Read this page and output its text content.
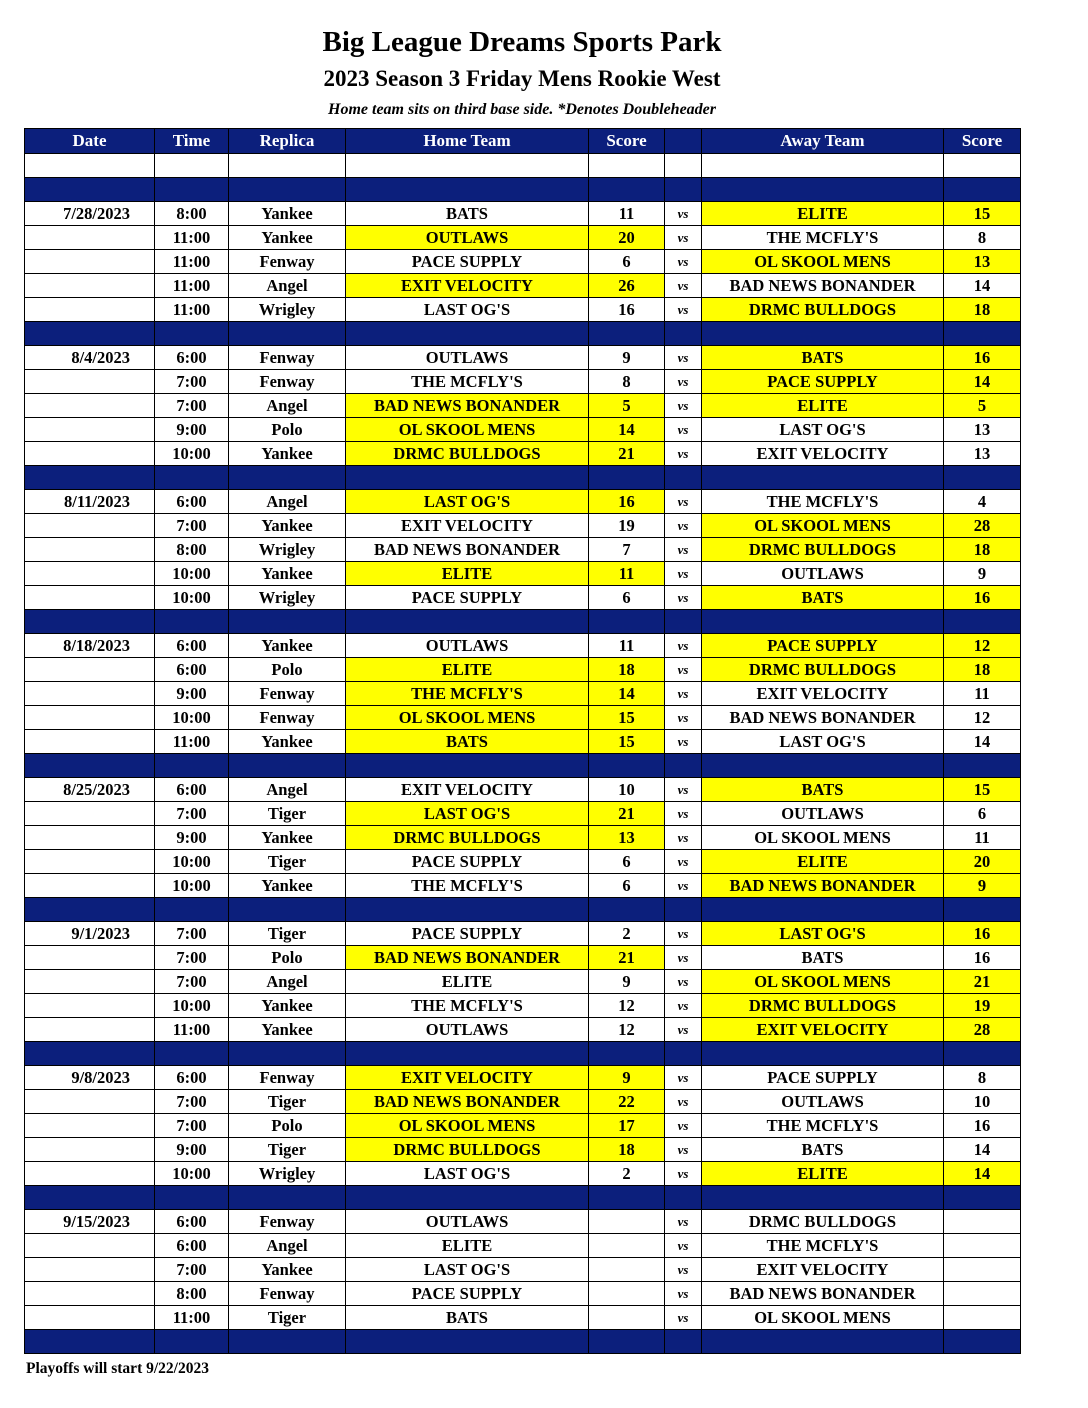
Big League Dreams Sports Park
2023 Season 3 Friday Mens Rookie West
Home team sits on third base side. *Denotes Doubleheader
Date	Time	Replica	Home Team	Score		Away Team	Score

7/28/2023	8:00	Yankee	BATS	11	vs	ELITE	15
	11:00	Yankee	OUTLAWS	20	vs	THE MCFLY'S	8
	11:00	Fenway	PACE SUPPLY	6	vs	OL SKOOL MENS	13
	11:00	Angel	EXIT VELOCITY	26	vs	BAD NEWS BONANDER	14
	11:00	Wrigley	LAST OG'S	16	vs	DRMC BULLDOGS	18

8/4/2023	6:00	Fenway	OUTLAWS	9	vs	BATS	16
	7:00	Fenway	THE MCFLY'S	8	vs	PACE SUPPLY	14
	7:00	Angel	BAD NEWS BONANDER	5	vs	ELITE	5
	9:00	Polo	OL SKOOL MENS	14	vs	LAST OG'S	13
	10:00	Yankee	DRMC BULLDOGS	21	vs	EXIT VELOCITY	13

8/11/2023	6:00	Angel	LAST OG'S	16	vs	THE MCFLY'S	4
	7:00	Yankee	EXIT VELOCITY	19	vs	OL SKOOL MENS	28
	8:00	Wrigley	BAD NEWS BONANDER	7	vs	DRMC BULLDOGS	18
	10:00	Yankee	ELITE	11	vs	OUTLAWS	9
	10:00	Wrigley	PACE SUPPLY	6	vs	BATS	16

8/18/2023	6:00	Yankee	OUTLAWS	11	vs	PACE SUPPLY	12
	6:00	Polo	ELITE	18	vs	DRMC BULLDOGS	18
	9:00	Fenway	THE MCFLY'S	14	vs	EXIT VELOCITY	11
	10:00	Fenway	OL SKOOL MENS	15	vs	BAD NEWS BONANDER	12
	11:00	Yankee	BATS	15	vs	LAST OG'S	14

8/25/2023	6:00	Angel	EXIT VELOCITY	10	vs	BATS	15
	7:00	Tiger	LAST OG'S	21	vs	OUTLAWS	6
	9:00	Yankee	DRMC BULLDOGS	13	vs	OL SKOOL MENS	11
	10:00	Tiger	PACE SUPPLY	6	vs	ELITE	20
	10:00	Yankee	THE MCFLY'S	6	vs	BAD NEWS BONANDER	9

9/1/2023	7:00	Tiger	PACE SUPPLY	2	vs	LAST OG'S	16
	7:00	Polo	BAD NEWS BONANDER	21	vs	BATS	16
	7:00	Angel	ELITE	9	vs	OL SKOOL MENS	21
	10:00	Yankee	THE MCFLY'S	12	vs	DRMC BULLDOGS	19
	11:00	Yankee	OUTLAWS	12	vs	EXIT VELOCITY	28

9/8/2023	6:00	Fenway	EXIT VELOCITY	9	vs	PACE SUPPLY	8
	7:00	Tiger	BAD NEWS BONANDER	22	vs	OUTLAWS	10
	7:00	Polo	OL SKOOL MENS	17	vs	THE MCFLY'S	16
	9:00	Tiger	DRMC BULLDOGS	18	vs	BATS	14
	10:00	Wrigley	LAST OG'S	2	vs	ELITE	14

9/15/2023	6:00	Fenway	OUTLAWS		vs	DRMC BULLDOGS	
	6:00	Angel	ELITE		vs	THE MCFLY'S	
	7:00	Yankee	LAST OG'S		vs	EXIT VELOCITY	
	8:00	Fenway	PACE SUPPLY		vs	BAD NEWS BONANDER	
	11:00	Tiger	BATS		vs	OL SKOOL MENS	

Playoffs will start 9/22/2023
